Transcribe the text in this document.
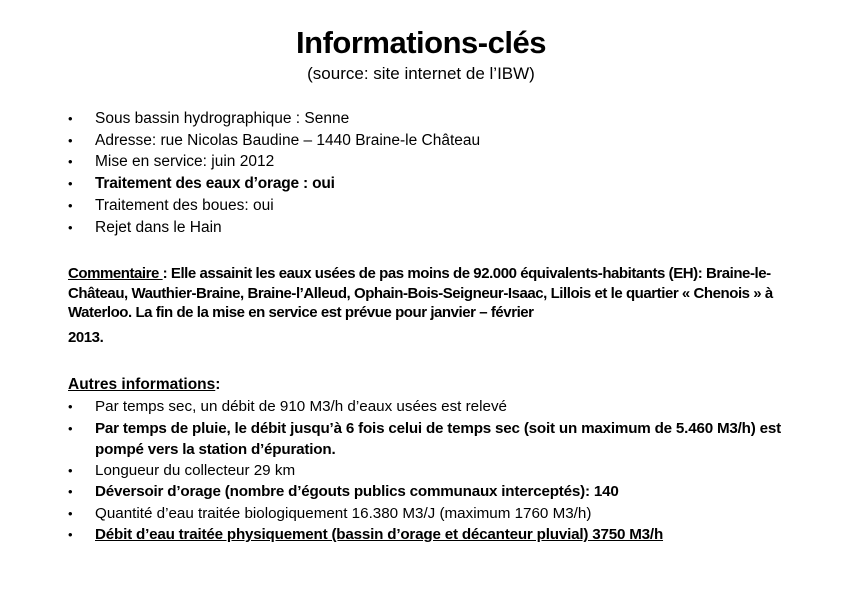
Informations-clés
(source: site internet de l’IBW)
•	Sous bassin hydrographique : Senne
•	Adresse: rue Nicolas Baudine – 1440 Braine-le Château
•	Mise en service: juin 2012
•	Traitement des eaux d’orage : oui
•	Traitement des boues: oui
•	Rejet dans le Hain
Commentaire : Elle assainit les eaux usées de pas moins de 92.000 équivalents-habitants (EH): Braine-le-Château, Wauthier-Braine, Braine-l’Alleud, Ophain-Bois-Seigneur-Isaac, Lillois et le quartier « Chenois » à Waterloo. La fin de la mise en service est prévue pour janvier – février
2013.
Autres informations:
•	Par temps sec, un débit de 910 M3/h d’eaux usées est relevé
•	Par temps de pluie, le débit jusqu’à 6 fois celui de temps sec (soit un maximum de 5.460 M3/h) est pompé vers la station d’épuration.
•	Longueur du collecteur 29 km
•	Déversoir d’orage (nombre d’égouts publics communaux interceptés): 140
•	Quantité d’eau traitée biologiquement 16.380 M3/J (maximum 1760 M3/h)
•	Débit d’eau traitée physiquement (bassin d’orage et décanteur pluvial) 3750 M3/h
